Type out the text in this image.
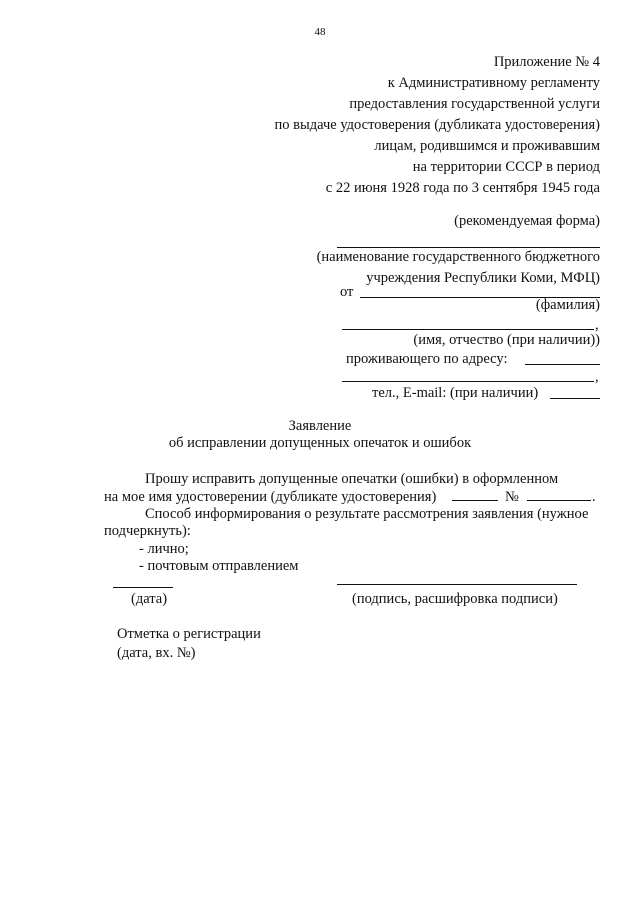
48
Приложение № 4
к Административному регламенту
предоставления государственной услуги
по выдаче удостоверения (дубликата удостоверения)
лицам, родившимся и проживавшим
на территории СССР в период
с 22 июня 1928 года по 3 сентября 1945 года
(рекомендуемая форма)
(наименование государственного бюджетного
учреждения Республики Коми, МФЦ)
от
(фамилия)
,
(имя, отчество (при наличии))
проживающего по адресу:
,
тел., E-mail: (при наличии)
Заявление
об исправлении допущенных опечаток и ошибок
Прошу исправить допущенные опечатки (ошибки) в оформленном
на мое имя удостоверении (дубликате удостоверения)	№	.
Способ информирования о результате рассмотрения заявления (нужное
подчеркнуть):
- лично;
- почтовым отправлением
(дата)	(подпись, расшифровка подписи)
Отметка о регистрации
(дата, вх. №)
